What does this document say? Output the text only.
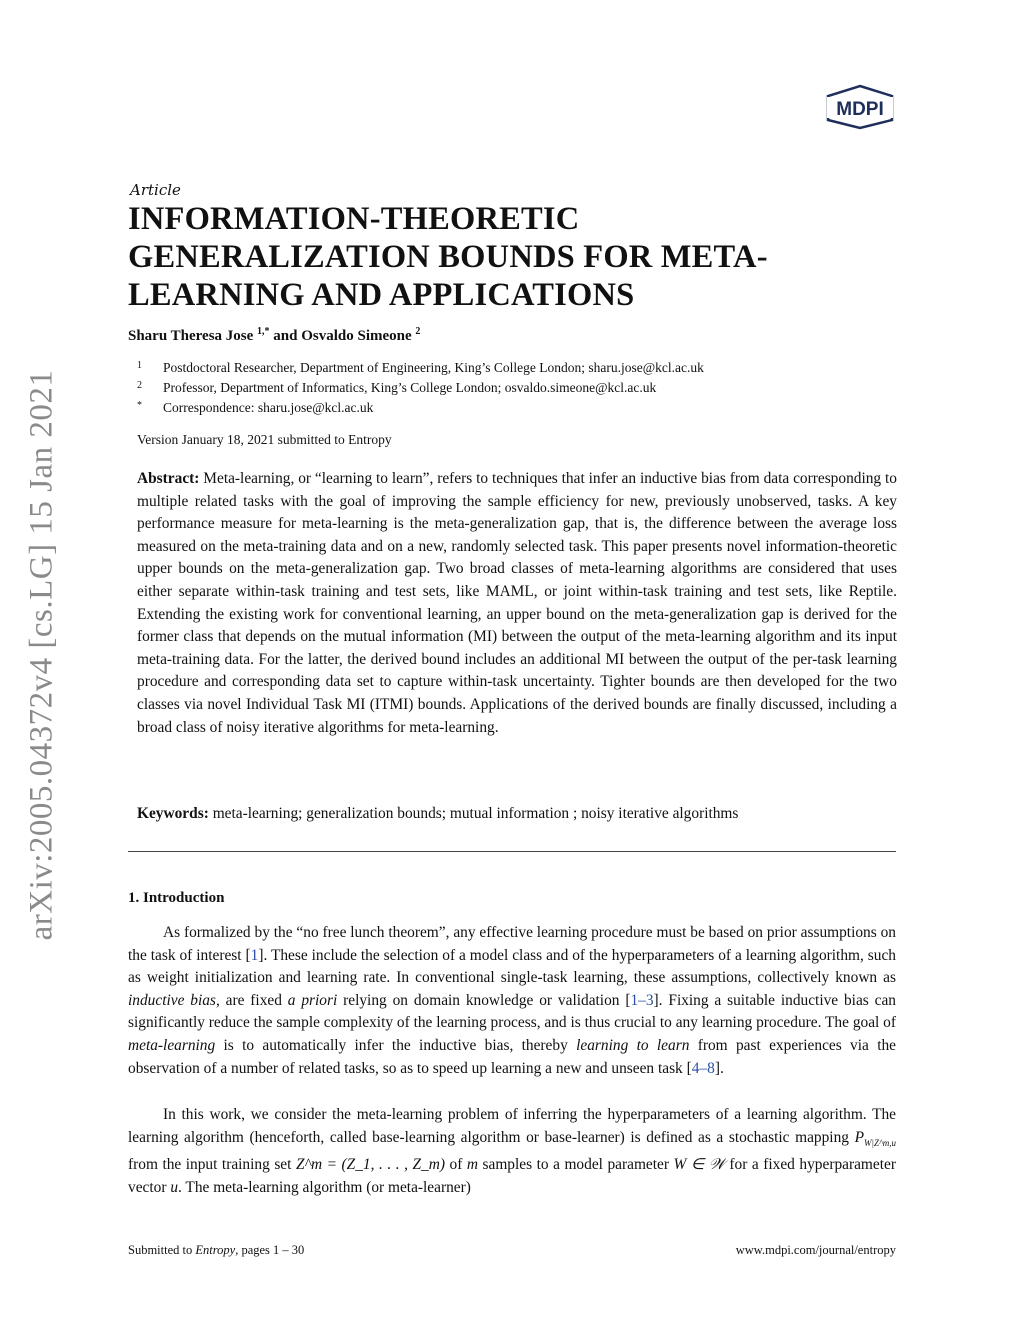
arXiv:2005.04372v4 [cs.LG] 15 Jan 2021
MDPI
Article
INFORMATION-THEORETIC GENERALIZATION BOUNDS FOR META-LEARNING AND APPLICATIONS
Sharu Theresa Jose $^{1,*}$ and Osvaldo Simeone $^2$
1 Postdoctoral Researcher, Department of Engineering, King’s College London; sharu.jose@kcl.ac.uk
2 Professor, Department of Informatics, King’s College London; osvaldo.simeone@kcl.ac.uk
* Correspondence: sharu.jose@kcl.ac.uk
Version January 18, 2021 submitted to Entropy

Abstract: Meta-learning, or “learning to learn”, refers to techniques that infer an inductive bias from data corresponding to multiple related tasks with the goal of improving the sample efficiency for new, previously unobserved, tasks. A key performance measure for meta-learning is the meta-generalization gap, that is, the difference between the average loss measured on the meta-training data and on a new, randomly selected task. This paper presents novel information-theoretic upper bounds on the meta-generalization gap. Two broad classes of meta-learning algorithms are considered that uses either separate within-task training and test sets, like MAML, or joint within-task training and test sets, like Reptile. Extending the existing work for conventional learning, an upper bound on the meta-generalization gap is derived for the former class that depends on the mutual information (MI) between the output of the meta-learning algorithm and its input meta-training data. For the latter, the derived bound includes an additional MI between the output of the per-task learning procedure and corresponding data set to capture within-task uncertainty. Tighter bounds are then developed for the two classes via novel Individual Task MI (ITMI) bounds. Applications of the derived bounds are finally discussed, including a broad class of noisy iterative algorithms for meta-learning.

Keywords: meta-learning; generalization bounds; mutual information ; noisy iterative algorithms
1. Introduction

As formalized by the “no free lunch theorem”, any effective learning procedure must be based on prior assumptions on the task of interest [1]. These include the selection of a model class and of the hyperparameters of a learning algorithm, such as weight initialization and learning rate. In conventional single-task learning, these assumptions, collectively known as inductive bias, are fixed a priori relying on domain knowledge or validation [1–3]. Fixing a suitable inductive bias can significantly reduce the sample complexity of the learning process, and is thus crucial to any learning procedure. The goal of meta-learning is to automatically infer the inductive bias, thereby learning to learn from past experiences via the observation of a number of related tasks, so as to speed up learning a new and unseen task [4–8].

In this work, we consider the meta-learning problem of inferring the hyperparameters of a learning algorithm. The learning algorithm (henceforth, called base-learning algorithm or base-learner) is defined as a stochastic mapping $P_{W|Z\^{}m,u}$ from the input training set Z^m = (Z_1, . . . , Z_m) of m samples to a model parameter W ∈ 𝒲 for a fixed hyperparameter vector u. The meta-learning algorithm (or meta-learner)

Submitted to Entropy, pages 1 – 30	www.mdpi.com/journal/entropy
